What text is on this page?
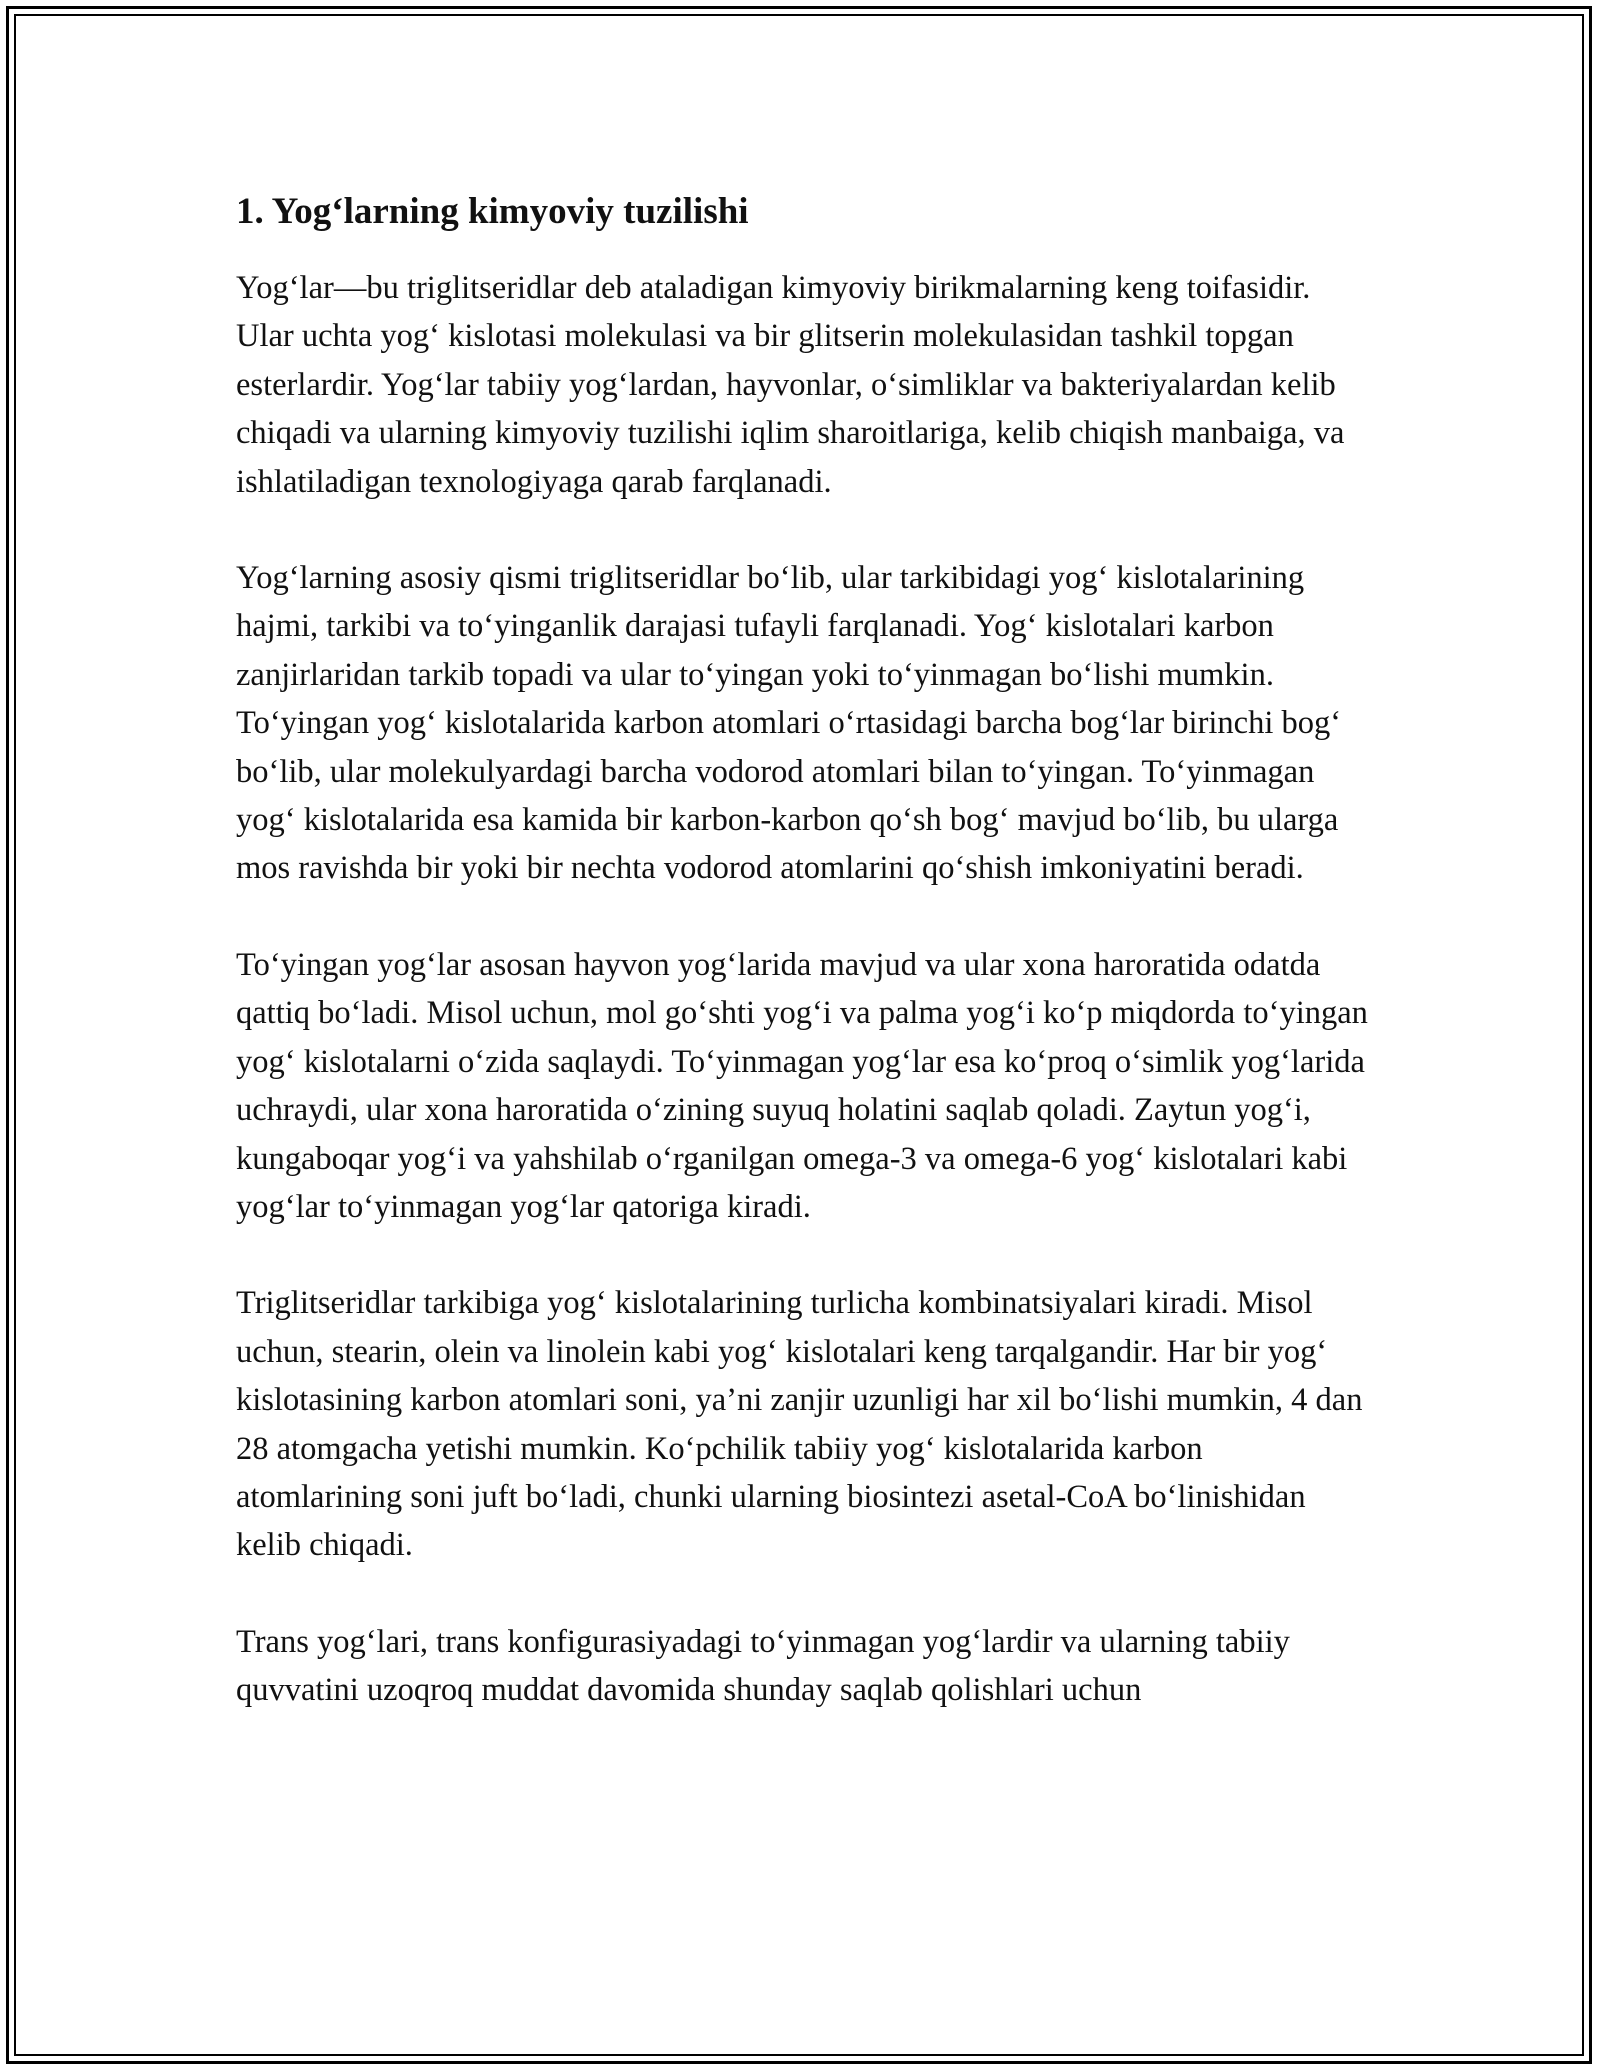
1. Yog‘larning kimyoviy tuzilishi

Yog‘lar—bu triglitseridlar deb ataladigan kimyoviy birikmalarning keng toifasidir. Ular uchta yog‘ kislotasi molekulasi va bir glitserin molekulasidan tashkil topgan esterlardir. Yog‘lar tabiiy yog‘lardan, hayvonlar, o‘simliklar va bakteriyalardan kelib chiqadi va ularning kimyoviy tuzilishi iqlim sharoitlariga, kelib chiqish manbaiga, va ishlatiladigan texnologiyaga qarab farqlanadi.

Yog‘larning asosiy qismi triglitseridlar bo‘lib, ular tarkibidagi yog‘ kislotalarining hajmi, tarkibi va to‘yinganlik darajasi tufayli farqlanadi. Yog‘ kislotalari karbon zanjirlaridan tarkib topadi va ular to‘yingan yoki to‘yinmagan bo‘lishi mumkin. To‘yingan yog‘ kislotalarida karbon atomlari o‘rtasidagi barcha bog‘lar birinchi bog‘ bo‘lib, ular molekulyardagi barcha vodorod atomlari bilan to‘yingan. To‘yinmagan yog‘ kislotalarida esa kamida bir karbon-karbon qo‘sh bog‘ mavjud bo‘lib, bu ularga mos ravishda bir yoki bir nechta vodorod atomlarini qo‘shish imkoniyatini beradi.

To‘yingan yog‘lar asosan hayvon yog‘larida mavjud va ular xona haroratida odatda qattiq bo‘ladi. Misol uchun, mol go‘shti yog‘i va palma yog‘i ko‘p miqdorda to‘yingan yog‘ kislotalarni o‘zida saqlaydi. To‘yinmagan yog‘lar esa ko‘proq o‘simlik yog‘larida uchraydi, ular xona haroratida o‘zining suyuq holatini saqlab qoladi. Zaytun yog‘i, kungaboqar yog‘i va yahshilab o‘rganilgan omega-3 va omega-6 yog‘ kislotalari kabi yog‘lar to‘yinmagan yog‘lar qatoriga kiradi.

Triglitseridlar tarkibiga yog‘ kislotalarining turlicha kombinatsiyalari kiradi. Misol uchun, stearin, olein va linolein kabi yog‘ kislotalari keng tarqalgandir. Har bir yog‘ kislotasining karbon atomlari soni, ya’ni zanjir uzunligi har xil bo‘lishi mumkin, 4 dan 28 atomgacha yetishi mumkin. Ko‘pchilik tabiiy yog‘ kislotalarida karbon atomlarining soni juft bo‘ladi, chunki ularning biosintezi asetal-CoA bo‘linishidan kelib chiqadi.

Trans yog‘lari, trans konfigurasiyadagi to‘yinmagan yog‘lardir va ularning tabiiy quvvatini uzoqroq muddat davomida shunday saqlab qolishlari uchun
